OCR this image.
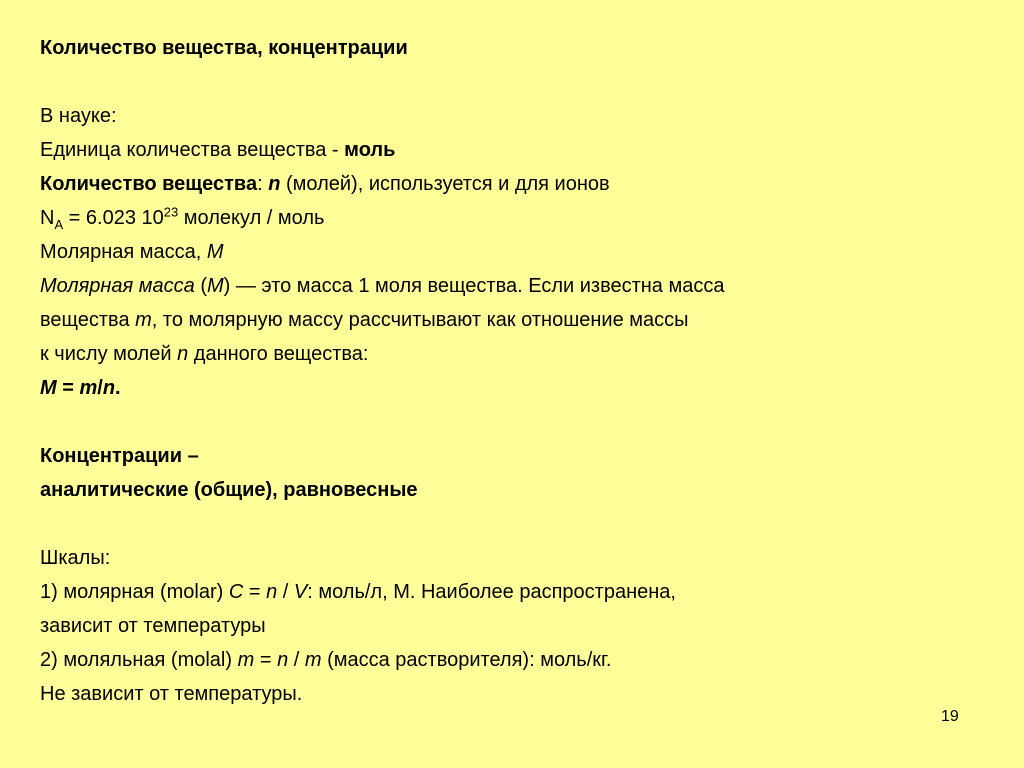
Количество вещества, концентрации
В науке:
Единица количества вещества - моль
Количество вещества: n (молей), используется и для ионов
$N_A = 6.023$ $10^{23}$ молекул / моль
Молярная масса, M
Молярная масса (M) — это масса 1 моля вещества. Если известна масса
вещества m, то молярную массу рассчитывают как отношение массы
к числу молей n данного вещества:
M = m/n.
Концентрации –
аналитические (общие), равновесные
Шкалы:
1) молярная (molar) C = n / V: моль/л, М. Наиболее распространена,
зависит от температуры
2) моляльная (molal) m = n / m (масса растворителя): моль/кг.
Не зависит от температуры.
19
